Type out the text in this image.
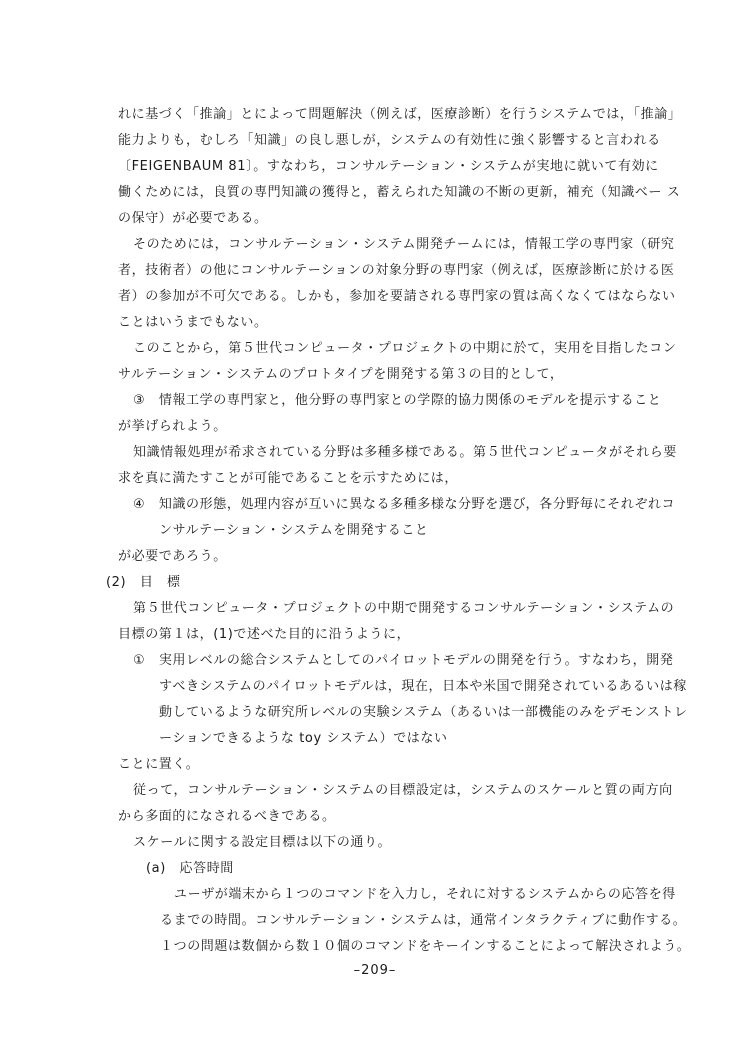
れに基づく「推論」とによって問題解決（例えば，医療診断）を行うシステムでは，「推論」
能力よりも，むしろ「知識」の良し悪しが，システムの有効性に強く影響すると言われる
〔FEIGENBAUM 81〕。すなわち，コンサルテーション・システムが実地に就いて有効に
働くためには，良質の専門知識の獲得と，蓄えられた知識の不断の更新，補充（知識ベー ス
の保守）が必要である。
そのためには，コンサルテーション・システム開発チームには，情報工学の専門家（研究
者，技術者）の他にコンサルテーションの対象分野の専門家（例えば，医療診断に於ける医
者）の参加が不可欠である。しかも，参加を要請される専門家の質は高くなくてはならない
ことはいうまでもない。
このことから，第５世代コンピュータ・プロジェクトの中期に於て，実用を目指したコン
サルテーション・システムのプロトタイプを開発する第３の目的として，
③　情報工学の専門家と，他分野の専門家との学際的協力関係のモデルを提示すること
が挙げられよう。
知識情報処理が希求されている分野は多種多様である。第５世代コンピュータがそれら要
求を真に満たすことが可能であることを示すためには，
④　知識の形態，処理内容が互いに異なる多種多様な分野を選び，各分野毎にそれぞれコ
ンサルテーション・システムを開発すること
が必要であろう。
(2)　目　標
第５世代コンピュータ・プロジェクトの中期で開発するコンサルテーション・システムの
目標の第１は，(1)で述べた目的に沿うように，
①　実用レベルの総合システムとしてのパイロットモデルの開発を行う。すなわち，開発
すべきシステムのパイロットモデルは，現在，日本や米国で開発されているあるいは稼
動しているような研究所レベルの実験システム（あるいは一部機能のみをデモンストレ
ーションできるような toy システム）ではない
ことに置く。
従って，コンサルテーション・システムの目標設定は，システムのスケールと質の両方向
から多面的になされるべきである。
スケールに関する設定目標は以下の通り。
(a)　応答時間
ユーザが端末から１つのコマンドを入力し，それに対するシステムからの応答を得
るまでの時間。コンサルテーション・システムは，通常インタラクティブに動作する。
１つの問題は数個から数１０個のコマンドをキーインすることによって解決されよう。
–209–
